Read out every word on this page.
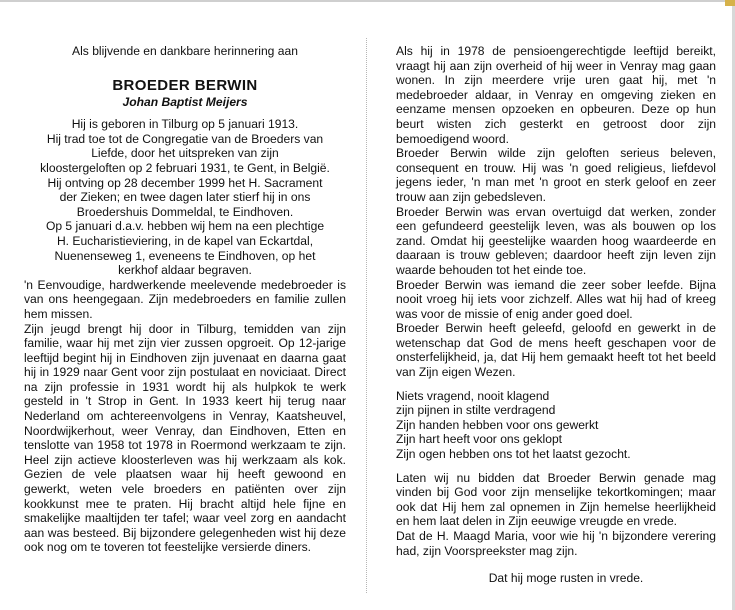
Als blijvende en dankbare herinnering aan

BROEDER BERWIN
Johan Baptist Meijers

Hij is geboren in Tilburg op 5 januari 1913.

Hij trad toe tot de Congregatie van de Broeders van

Liefde, door het uitspreken van zijn

kloostergeloften op 2 februari 1931, te Gent, in België.

Hij ontving op 28 december 1999 het H. Sacrament

der Zieken; en twee dagen later stierf hij in ons

Broedershuis Dommeldal, te Eindhoven.

Op 5 januari d.a.v. hebben wij hem na een plechtige

H. Eucharistieviering, in de kapel van Eckartdal,

Nuenenseweg 1, eveneens te Eindhoven, op het

kerkhof aldaar begraven.

'n Eenvoudige, hardwerkende meelevende medebroeder is van ons heengegaan. Zijn medebroeders en familie zullen hem missen.

Zijn jeugd brengt hij door in Tilburg, temidden van zijn familie, waar hij met zijn vier zussen opgroeit. Op 12-jarige leeftijd begint hij in Eindhoven zijn juvenaat en daarna gaat hij in 1929 naar Gent voor zijn postulaat en noviciaat. Direct na zijn professie in 1931 wordt hij als hulpkok te werk gesteld in 't Strop in Gent. In 1933 keert hij terug naar Nederland om achtereenvolgens in Venray, Kaatsheuvel, Noordwijkerhout, weer Venray, dan Eindhoven, Etten en tenslotte van 1958 tot 1978 in Roermond werkzaam te zijn. Heel zijn actieve kloosterleven was hij werkzaam als kok. Gezien de vele plaatsen waar hij heeft gewoond en gewerkt, weten vele broeders en patiënten over zijn kookkunst mee te praten. Hij bracht altijd hele fijne en smakelijke maaltijden ter tafel; waar veel zorg en aandacht aan was besteed. Bij bijzondere gelegenheden wist hij deze ook nog om te toveren tot feestelijke versierde diners.

Als hij in 1978 de pensioengerechtigde leeftijd bereikt, vraagt hij aan zijn overheid of hij weer in Venray mag gaan wonen. In zijn meerdere vrije uren gaat hij, met 'n medebroeder aldaar, in Venray en omgeving zieken en eenzame mensen opzoeken en opbeuren. Deze op hun beurt wisten zich gesterkt en getroost door zijn bemoedigend woord.

Broeder Berwin wilde zijn geloften serieus beleven, consequent en trouw. Hij was 'n goed religieus, liefdevol jegens ieder, 'n man met 'n groot en sterk geloof en zeer trouw aan zijn gebedsleven.

Broeder Berwin was ervan overtuigd dat werken, zonder een gefundeerd geestelijk leven, was als bouwen op los zand. Omdat hij geestelijke waarden hoog waardeerde en daaraan is trouw gebleven; daardoor heeft zijn leven zijn waarde behouden tot het einde toe.

Broeder Berwin was iemand die zeer sober leefde. Bijna nooit vroeg hij iets voor zichzelf. Alles wat hij had of kreeg was voor de missie of enig ander goed doel.

Broeder Berwin heeft geleefd, geloofd en gewerkt in de wetenschap dat God de mens heeft geschapen voor de onsterfelijkheid, ja, dat Hij hem gemaakt heeft tot het beeld van Zijn eigen Wezen.

Niets vragend, nooit klagend
zijn pijnen in stilte verdragend
Zijn handen hebben voor ons gewerkt
Zijn hart heeft voor ons geklopt
Zijn ogen hebben ons tot het laatst gezocht.

Laten wij nu bidden dat Broeder Berwin genade mag vinden bij God voor zijn menselijke tekortkomingen; maar ook dat Hij hem zal opnemen in Zijn hemelse heerlijkheid en hem laat delen in Zijn eeuwige vreugde en vrede.

Dat de H. Maagd Maria, voor wie hij 'n bijzondere verering had, zijn Voorspreekster mag zijn.

Dat hij moge rusten in vrede.
